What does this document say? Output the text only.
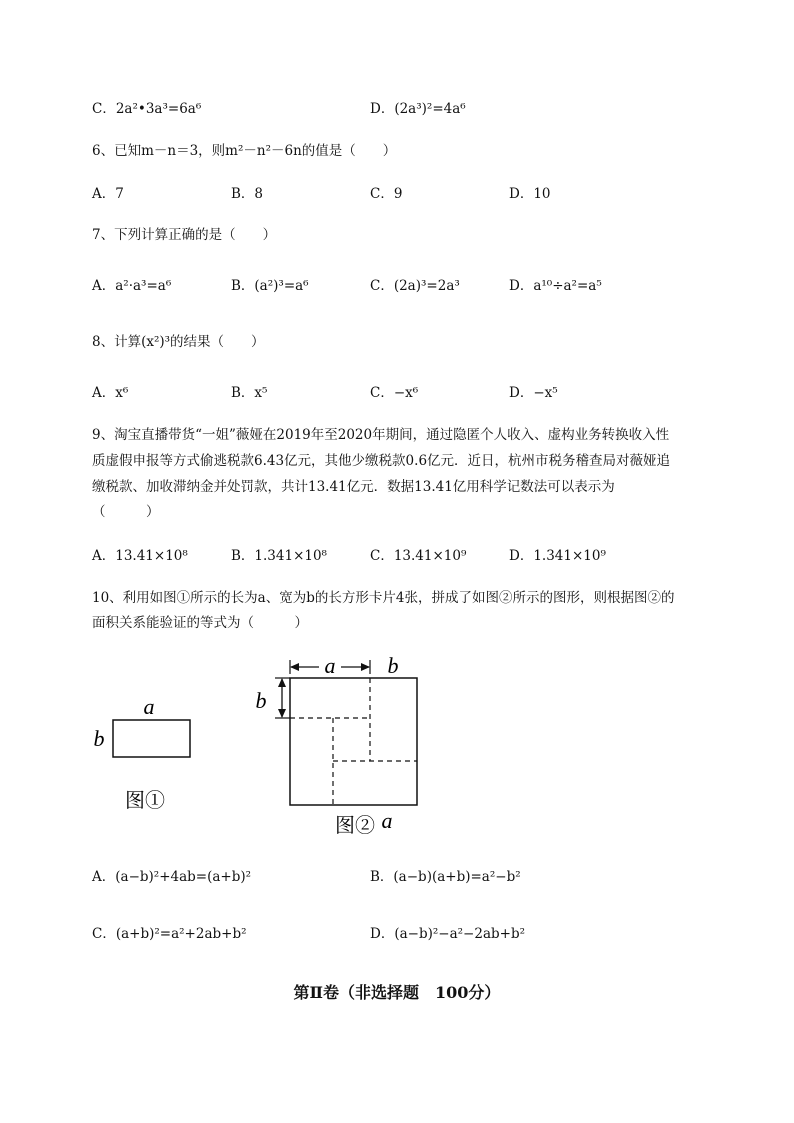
C．2a²•3a³=6a⁶	D．(2a³)²=4a⁶
6、已知m－n＝3，则m²－n²－6n的值是（　　）
A．7	B．8	C．9	D．10
7、下列计算正确的是（　　）
A．a²·a³=a⁶	B．(a²)³=a⁶	C．(2a)³=2a³	D．a¹⁰÷a²=a⁵
8、计算(x²)³的结果（　　）
A．x⁶	B．x⁵	C．−x⁶	D．−x⁵
9、淘宝直播带货“一姐”薇娅在2019年至2020年期间，通过隐匿个人收入、虚构业务转换收入性
质虚假申报等方式偷逃税款6.43亿元，其他少缴税款0.6亿元．近日，杭州市税务稽查局对薇娅追
缴税款、加收滞纳金并处罚款，共计13.41亿元．数据13.41亿用科学记数法可以表示为
（　　　）
A．13.41×10⁸	B．1.341×10⁸	C．13.41×10⁹	D．1.341×10⁹
10、利用如图①所示的长为a、宽为b的长方形卡片4张，拼成了如图②所示的图形，则根据图②的
面积关系能验证的等式为（　　　）
a
b
图①
a b
b
图② a
A．(a−b)²+4ab=(a+b)²	B．(a−b)(a+b)=a²−b²
C．(a+b)²=a²+2ab+b²	D．(a−b)²−a²−2ab+b²
第Ⅱ卷（非选择题　100分）
